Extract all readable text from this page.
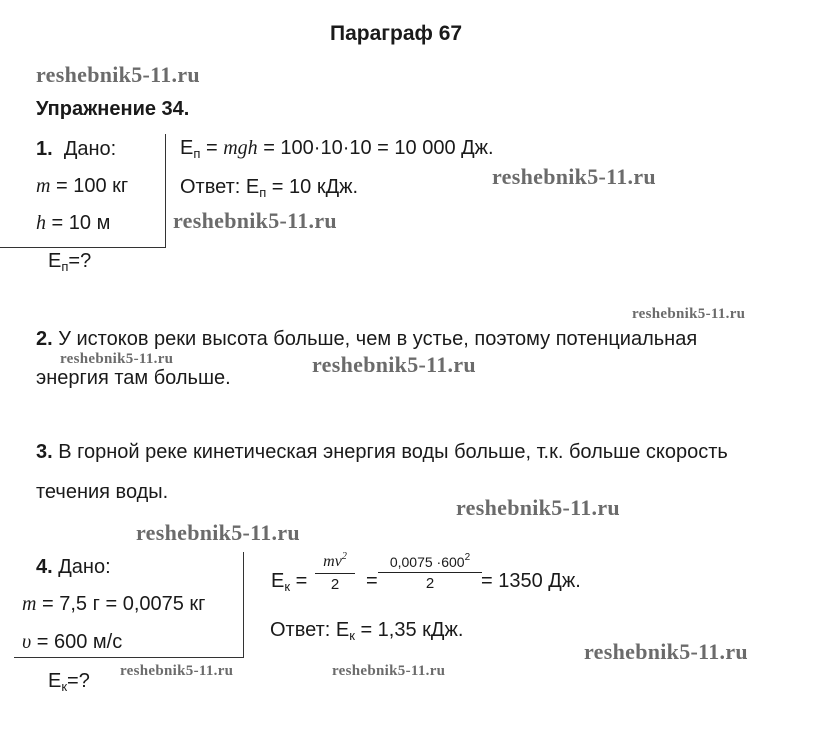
Параграф 67
reshebnik5-11.ru
Упражнение 34.
1. Дано:
m = 100 кг
h = 10 м
$E_п=$?
$E_п$ = mgh = 100·10·10 = 10 000 Дж.
Ответ: $E_п = 10$ кДж.	reshebnik5-11.ru
reshebnik5-11.ru
reshebnik5-11.ru
2. У истоков реки высота больше, чем в устье, поэтому потенциальная
reshebnik5-11.ru
энергия там больше.
reshebnik5-11.ru
3. В горной реке кинетическая энергия воды больше, т.к. больше скорость
течения воды.
reshebnik5-11.ru
reshebnik5-11.ru
4. Дано:
m = 7,5 г = 0,0075 кг
υ = 600 м/с
$E_к=$?
$E_к$ =
$mv^2$
2	=
$0,0075 \cdot 600^2$
2	= 1350 Дж.
Ответ: $E_к = 1,35$ кДж.
reshebnik5-11.ru
reshebnik5-11.ru	reshebnik5-11.ru
